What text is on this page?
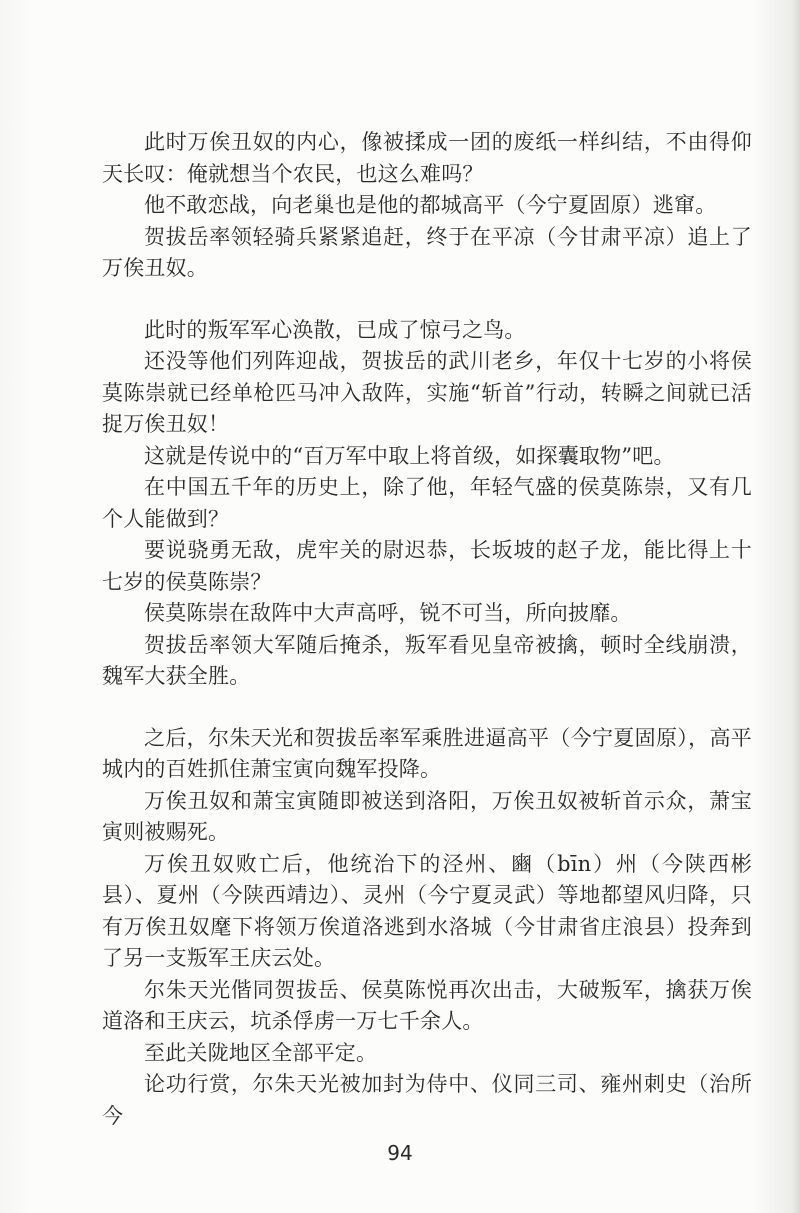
此时万俟丑奴的内心，像被揉成一团的废纸一样纠结，不由得仰天长叹：俺就想当个农民，也这么难吗？

他不敢恋战，向老巢也是他的都城高平（今宁夏固原）逃窜。

贺拔岳率领轻骑兵紧紧追赶，终于在平凉（今甘肃平凉）追上了万俟丑奴。

此时的叛军军心涣散，已成了惊弓之鸟。

还没等他们列阵迎战，贺拔岳的武川老乡，年仅十七岁的小将侯莫陈崇就已经单枪匹马冲入敌阵，实施“斩首”行动，转瞬之间就已活捉万俟丑奴！

这就是传说中的“百万军中取上将首级，如探囊取物”吧。

在中国五千年的历史上，除了他，年轻气盛的侯莫陈崇，又有几个人能做到？

要说骁勇无敌，虎牢关的尉迟恭，长坂坡的赵子龙，能比得上十七岁的侯莫陈崇？

侯莫陈崇在敌阵中大声高呼，锐不可当，所向披靡。

贺拔岳率领大军随后掩杀，叛军看见皇帝被擒，顿时全线崩溃，魏军大获全胜。

之后，尔朱天光和贺拔岳率军乘胜进逼高平（今宁夏固原），高平城内的百姓抓住萧宝寅向魏军投降。

万俟丑奴和萧宝寅随即被送到洛阳，万俟丑奴被斩首示众，萧宝寅则被赐死。

万俟丑奴败亡后，他统治下的泾州、豳（bīn）州（今陕西彬县）、夏州（今陕西靖边）、灵州（今宁夏灵武）等地都望风归降，只有万俟丑奴麾下将领万俟道洛逃到水洛城（今甘肃省庄浪县）投奔到了另一支叛军王庆云处。

尔朱天光偕同贺拔岳、侯莫陈悦再次出击，大破叛军，擒获万俟道洛和王庆云，坑杀俘虏一万七千余人。

至此关陇地区全部平定。

论功行赏，尔朱天光被加封为侍中、仪同三司、雍州刺史（治所今

94
